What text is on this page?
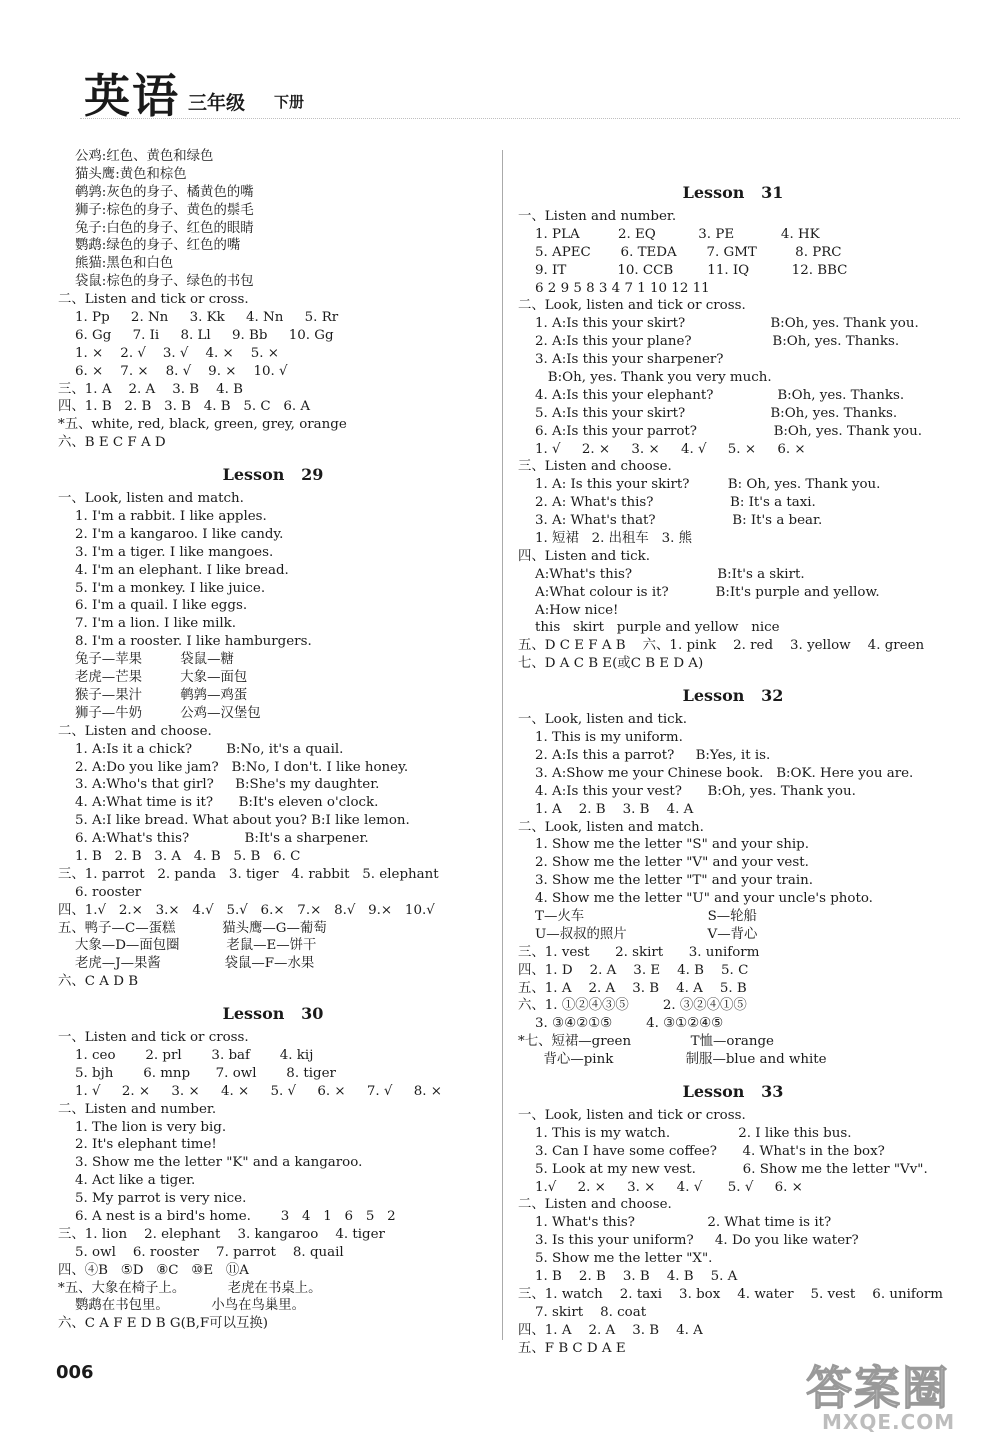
英语 三年级 下册
公鸡:红色、黄色和绿色
猫头鹰:黄色和棕色
鹌鹑:灰色的身子、橘黄色的嘴
狮子:棕色的身子、黄色的鬃毛
兔子:白色的身子、红色的眼睛
鹦鹉:绿色的身子、红色的嘴
熊猫:黑色和白色
袋鼠:棕色的身子、绿色的书包
二、Listen and tick or cross.
1. Pp     2. Nn     3. Kk     4. Nn     5. Rr
6. Gg     7. Ii     8. Ll     9. Bb     10. Gg
1. ×    2. √    3. √    4. ×    5. ×
6. ×    7. ×    8. √    9. ×    10. √
三、1. A    2. A    3. B    4. B
四、1. B   2. B   3. B   4. B   5. C   6. A
*五、white, red, black, green, grey, orange
六、B E C F A D
Lesson   29
一、Look, listen and match.
1. I'm a rabbit. I like apples.
2. I'm a kangaroo. I like candy.
3. I'm a tiger. I like mangoes.
4. I'm an elephant. I like bread.
5. I'm a monkey. I like juice.
6. I'm a quail. I like eggs.
7. I'm a lion. I like milk.
8. I'm a rooster. I like hamburgers.
兔子—苹果         袋鼠—糖
老虎—芒果         大象—面包
猴子—果汁         鹌鹑—鸡蛋
狮子—牛奶         公鸡—汉堡包
二、Listen and choose.
1. A:Is it a chick?        B:No, it's a quail.
2. A:Do you like jam?   B:No, I don't. I like honey.
3. A:Who's that girl?     B:She's my daughter.
4. A:What time is it?      B:It's eleven o'clock.
5. A:I like bread. What about you? B:I like lemon.
6. A:What's this?             B:It's a sharpener.
1. B   2. B   3. A   4. B   5. B   6. C
三、1. parrot   2. panda   3. tiger   4. rabbit   5. elephant
6. rooster
四、1.√   2.×   3.×   4.√   5.√   6.×   7.×   8.√   9.×   10.√
五、鸭子—C—蛋糕           猫头鹰—G—葡萄
大象—D—面包圈           老鼠—E—饼干
老虎—J—果酱               袋鼠—F—水果
六、C A D B
Lesson   30
一、Listen and tick or cross.
1. ceo       2. prl       3. baf       4. kij
5. bjh       6. mnp      7. owl       8. tiger
1. √     2. ×     3. ×     4. ×     5. √     6. ×     7. √     8. ×
二、Listen and number.
1. The lion is very big.
2. It's elephant time!
3. Show me the letter "K" and a kangaroo.
4. Act like a tiger.
5. My parrot is very nice.
6. A nest is a bird's home.       3   4   1   6   5   2
三、1. lion    2. elephant    3. kangaroo    4. tiger
5. owl    6. rooster    7. parrot    8. quail
四、④B   ⑤D   ⑧C   ⑩E   ⑪A
*五、大象在椅子上。          老虎在书桌上。
鹦鹉在书包里。          小鸟在鸟巢里。
六、C A F E D B G(B,F可以互换)
Lesson   31
一、Listen and number.
1. PLA         2. EQ          3. PE           4. HK
5. APEC       6. TEDA       7. GMT         8. PRC
9. IT            10. CCB        11. IQ          12. BBC
6 2 9 5 8 3 4 7 1 10 12 11
二、Look, listen and tick or cross.
1. A:Is this your skirt?                    B:Oh, yes. Thank you.
2. A:Is this your plane?                   B:Oh, yes. Thanks.
3. A:Is this your sharpener?
B:Oh, yes. Thank you very much.
4. A:Is this your elephant?               B:Oh, yes. Thanks.
5. A:Is this your skirt?                    B:Oh, yes. Thanks.
6. A:Is this your parrot?                  B:Oh, yes. Thank you.
1. √     2. ×     3. ×     4. √     5. ×     6. ×
三、Listen and choose.
1. A: Is this your skirt?         B: Oh, yes. Thank you.
2. A: What's this?                  B: It's a taxi.
3. A: What's that?                  B: It's a bear.
1. 短裙   2. 出租车   3. 熊
四、Listen and tick.
A:What's this?                    B:It's a skirt.
A:What colour is it?           B:It's purple and yellow.
A:How nice!
this   skirt   purple and yellow   nice
五、D C E F A B    六、1. pink    2. red    3. yellow    4. green
七、D A C B E(或C B E D A)
Lesson   32
一、Look, listen and tick.
1. This is my uniform.
2. A:Is this a parrot?     B:Yes, it is.
3. A:Show me your Chinese book.   B:OK. Here you are.
4. A:Is this your vest?      B:Oh, yes. Thank you.
1. A    2. B    3. B    4. A
二、Look, listen and match.
1. Show me the letter "S" and your ship.
2. Show me the letter "V" and your vest.
3. Show me the letter "T" and your train.
4. Show me the letter "U" and your uncle's photo.
T—火车                             S—轮船
U—叔叔的照片                   V—背心
三、1. vest      2. skirt      3. uniform
四、1. D    2. A    3. E    4. B    5. C
五、1. A    2. A    3. B    4. A    5. B
六、1. ①②④③⑤        2. ③②④①⑤
3. ③④②①⑤        4. ③①②④⑤
*七、短裙—green              T恤—orange
背心—pink                 制服—blue and white
Lesson   33
一、Look, listen and tick or cross.
1. This is my watch.                2. I like this bus.
3. Can I have some coffee?      4. What's in the box?
5. Look at my new vest.           6. Show me the letter "Vv".
1.√     2. ×     3. ×     4. √      5. √     6. ×
二、Listen and choose.
1. What's this?                 2. What time is it?
3. Is this your uniform?     4. Do you like water?
5. Show me the letter "X".
1. B    2. B    3. B    4. B    5. A
三、1. watch    2. taxi    3. box    4. water    5. vest    6. uniform
7. skirt    8. coat
四、1. A    2. A    3. B    4. A
五、F B C D A E
006	答案圈
MXQE.COM
